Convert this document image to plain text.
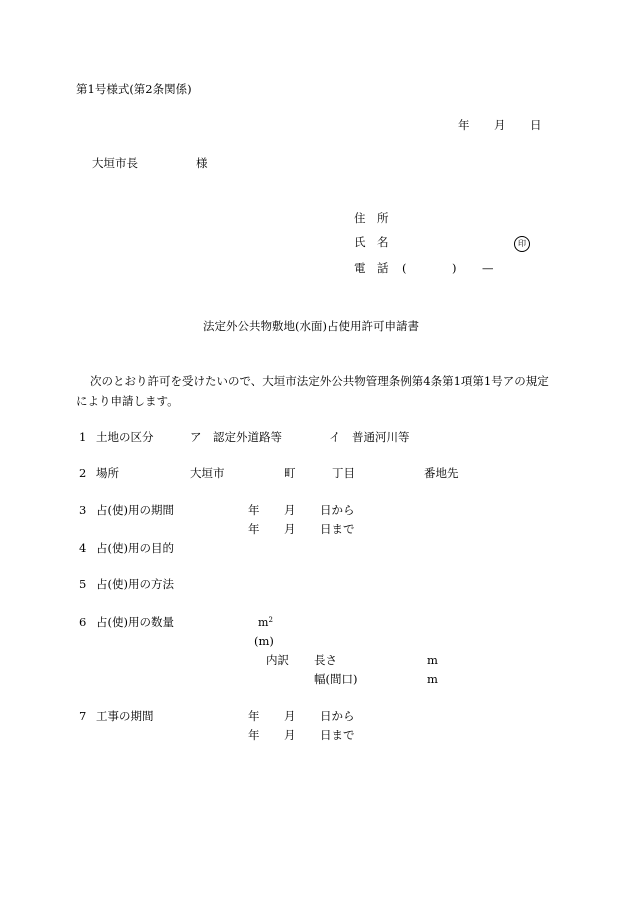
第1号様式(第2条関係)
年 月 日
大垣市長	様
住　所
氏　名	印
電　話 (	) —
法定外公共物敷地(水面)占使用許可申請書
次のとおり許可を受けたいので、大垣市法定外公共物管理条例第4条第1項第1号アの規定
により申請します。
1 土地の区分	ア　認定外道路等	イ　普通河川等
2 場所	大垣市	町	丁目	番地先
3 占(使)用の期間	年 月 日から
年 月 日まで
4 占(使)用の目的
5 占(使)用の方法
6 占(使)用の数量	$m^2$
(m)
内訳 長さ	m
幅(間口)	m
7 工事の期間	年 月 日から
年 月 日まで
